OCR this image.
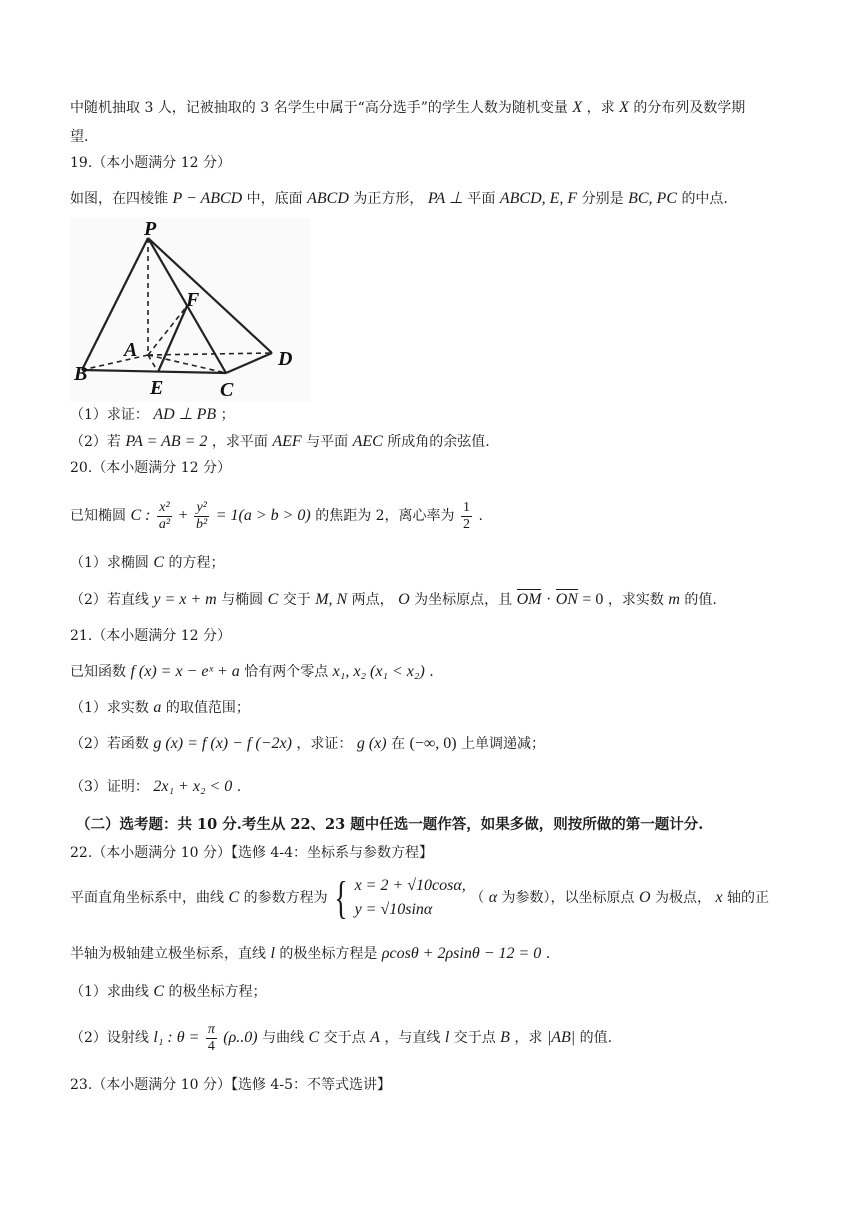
中随机抽取 3 人，记被抽取的 3 名学生中属于“高分选手”的学生人数为随机变量 X ，求 X 的分布列及数学期
望.
19.（本小题满分 12 分）
如图，在四棱锥 P − ABCD 中，底面 ABCD 为正方形， PA ⊥ 平面 ABCD, E, F 分别是 BC, PC 的中点.
P
F
A	D
B
E	C
（1）求证： AD ⊥ PB ；
（2）若 PA = AB = 2 ，求平面 AEF 与平面 AEC 所成角的余弦值.
20.（本小题满分 12 分）
已知椭圆 C : $\frac{\text{x²}}{\text{a²}} + \frac{\text{y²}}{\text{b²}} = 1(a > b > 0)$ 的焦距为 2，离心率为 $\frac{1}{2}$ .
（1）求椭圆 C 的方程；
（2）若直线 y = x + m 与椭圆 C 交于 M, N 两点， O 为坐标原点，且 OM · ON = 0 ，求实数 m 的值.
21.（本小题满分 12 分）
已知函数 f (x) = x − eˣ + a 恰有两个零点 x₁, x₂ (x₁ < x₂) .
（1）求实数 a 的取值范围；
（2）若函数 g (x) = f (x) − f (−2x) ，求证： g (x) 在 (−∞, 0) 上单调递减；
（3）证明： 2x₁ + x₂ < 0 .
（二）选考题：共 10 分.考生从 22、23 题中任选一题作答，如果多做，则按所做的第一题计分.
22.（本小题满分 10 分）【选修 4-4：坐标系与参数方程】
平面直角坐标系中，曲线 C 的参数方程为 { x = 2 + √10cosα,
y = √10sinα
（ α 为参数），以坐标原点 O 为极点， x 轴的正
半轴为极轴建立极坐标系，直线 l 的极坐标方程是 ρcosθ + 2ρsinθ − 12 = 0 .
（1）求曲线 C 的极坐标方程；
（2）设射线 l₁ : $\theta = \frac{\pi}{4} (\rho..0)$ 与曲线 C 交于点 A ，与直线 l 交于点 B ，求 |AB| 的值.
23.（本小题满分 10 分）【选修 4-5：不等式选讲】
